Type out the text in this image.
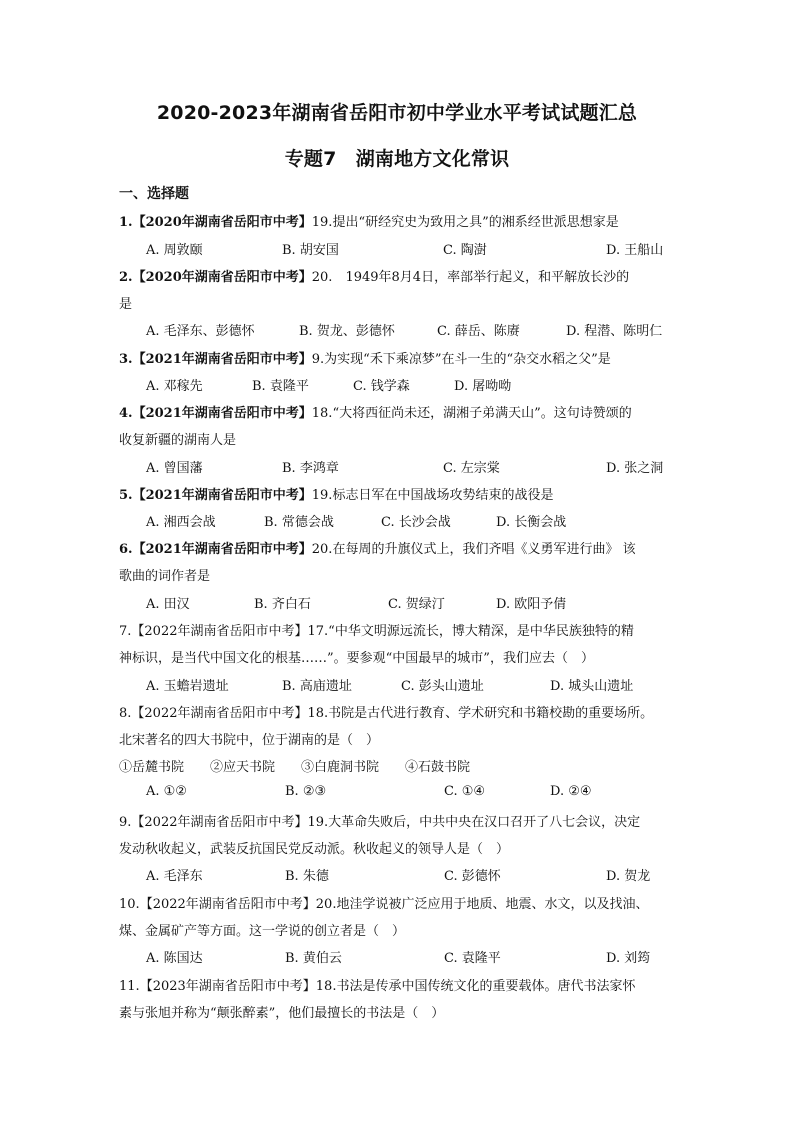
2020-2023年湖南省岳阳市初中学业水平考试试题汇总
专题7　湖南地方文化常识
一、选择题
1.【2020年湖南省岳阳市中考】19.提出“研经究史为致用之具”的湘系经世派思想家是
A. 周敦颐	B. 胡安国	C. 陶澍	D. 王船山
2.【2020年湖南省岳阳市中考】20.　1949年8月4日，率部举行起义，和平解放长沙的
是
A. 毛泽东、彭德怀	B. 贺龙、彭德怀	C. 薛岳、陈赓	D. 程潜、陈明仁
3.【2021年湖南省岳阳市中考】9.为实现“禾下乘凉梦”在斗一生的“杂交水稻之父”是
A. 邓稼先	B. 袁隆平	C. 钱学森	D. 屠呦呦
4.【2021年湖南省岳阳市中考】18.“大将西征尚未还，湖湘子弟满天山”。这句诗赞颂的
收复新疆的湖南人是
A. 曾国藩	B. 李鸿章	C. 左宗棠	D. 张之洞
5.【2021年湖南省岳阳市中考】19.标志日军在中国战场攻势结束的战役是
A. 湘西会战	B. 常德会战	C. 长沙会战	D. 长衡会战
6.【2021年湖南省岳阳市中考】20.在每周的升旗仪式上，我们齐唱《义勇军进行曲》 该
歌曲的词作者是
A. 田汉	B. 齐白石	C. 贺绿汀	D. 欧阳予倩
7.【2022年湖南省岳阳市中考】17.“中华文明源远流长，博大精深，是中华民族独特的精
神标识，是当代中国文化的根基……”。要参观“中国最早的城市”，我们应去（　）
A. 玉蟾岩遗址	B. 高庙遗址	C. 彭头山遗址	D. 城头山遗址
8.【2022年湖南省岳阳市中考】18.书院是古代进行教育、学术研究和书籍校勘的重要场所。
北宋著名的四大书院中，位于湖南的是（　）
①岳麓书院　　②应天书院　　③白鹿洞书院　　④石鼓书院
A. ①②	B. ②③	C. ①④	D. ②④
9.【2022年湖南省岳阳市中考】19.大革命失败后，中共中央在汉口召开了八七会议，决定
发动秋收起义，武装反抗国民党反动派。秋收起义的领导人是（　）
A. 毛泽东	B. 朱德	C. 彭德怀	D. 贺龙
10.【2022年湖南省岳阳市中考】20.地洼学说被广泛应用于地质、地震、水文，以及找油、
煤、金属矿产等方面。这一学说的创立者是（　）
A. 陈国达	B. 黄伯云	C. 袁隆平	D. 刘筠
11.【2023年湖南省岳阳市中考】18.书法是传承中国传统文化的重要载体。唐代书法家怀
素与张旭并称为“颠张醉素”，他们最擅长的书法是（　）
